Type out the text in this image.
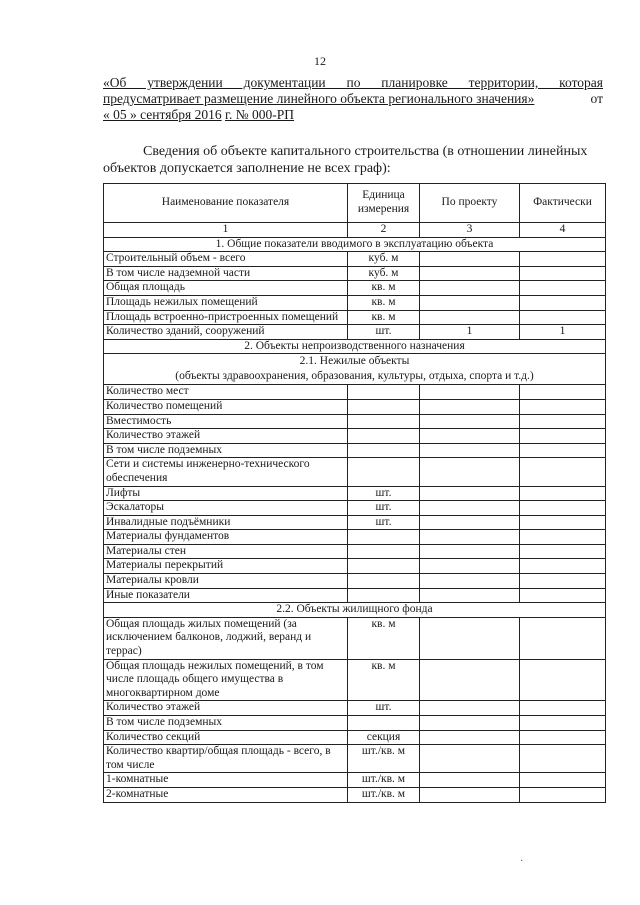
12
«Об утверждении документации по планировке территории, которая
предусматривает размещение линейного объекта регионального значения»	от
« 05 » сентября 2016 г. № 000-РП
Сведения об объекте капитального строительства (в отношении линейных
объектов допускается заполнение не всех граф):
Наименование показателя	Единица измерения	По проекту	Фактически
1	2	3	4
1. Общие показатели вводимого в эксплуатацию объекта			
Строительный объем - всего	куб. м		
В том числе надземной части	куб. м		
Общая площадь	кв. м		
Площадь нежилых помещений	кв. м		
Площадь встроенно-пристроенных помещений	кв. м		
Количество зданий, сооружений	шт.	1	1
2. Объекты непроизводственного назначения			

2.1. Нежилые объекты
(объекты здравоохранения, образования, культуры, отдыха, спорта и т.д.)			

Количество мест			
Количество помещений			
Вместимость			
Количество этажей			
В том числе подземных			
Сети и системы инженерно-технического обеспечения			
Лифты	шт.		
Эскалаторы	шт.		
Инвалидные подъёмники	шт.		
Материалы фундаментов			
Материалы стен			
Материалы перекрытий			
Материалы кровли			
Иные показатели			
2.2. Объекты жилищного фонда			
Общая площадь жилых помещений (за исключением балконов, лоджий, веранд и террас)	кв. м		
Общая площадь нежилых помещений, в том числе площадь общего имущества в многоквартирном доме	кв. м		
Количество этажей	шт.		
В том числе подземных			
Количество секций	секция		
Количество квартир/общая площадь - всего, в том числе	шт./кв. м		
1-комнатные	шт./кв. м		
2-комнатные	шт./кв. м		
·
